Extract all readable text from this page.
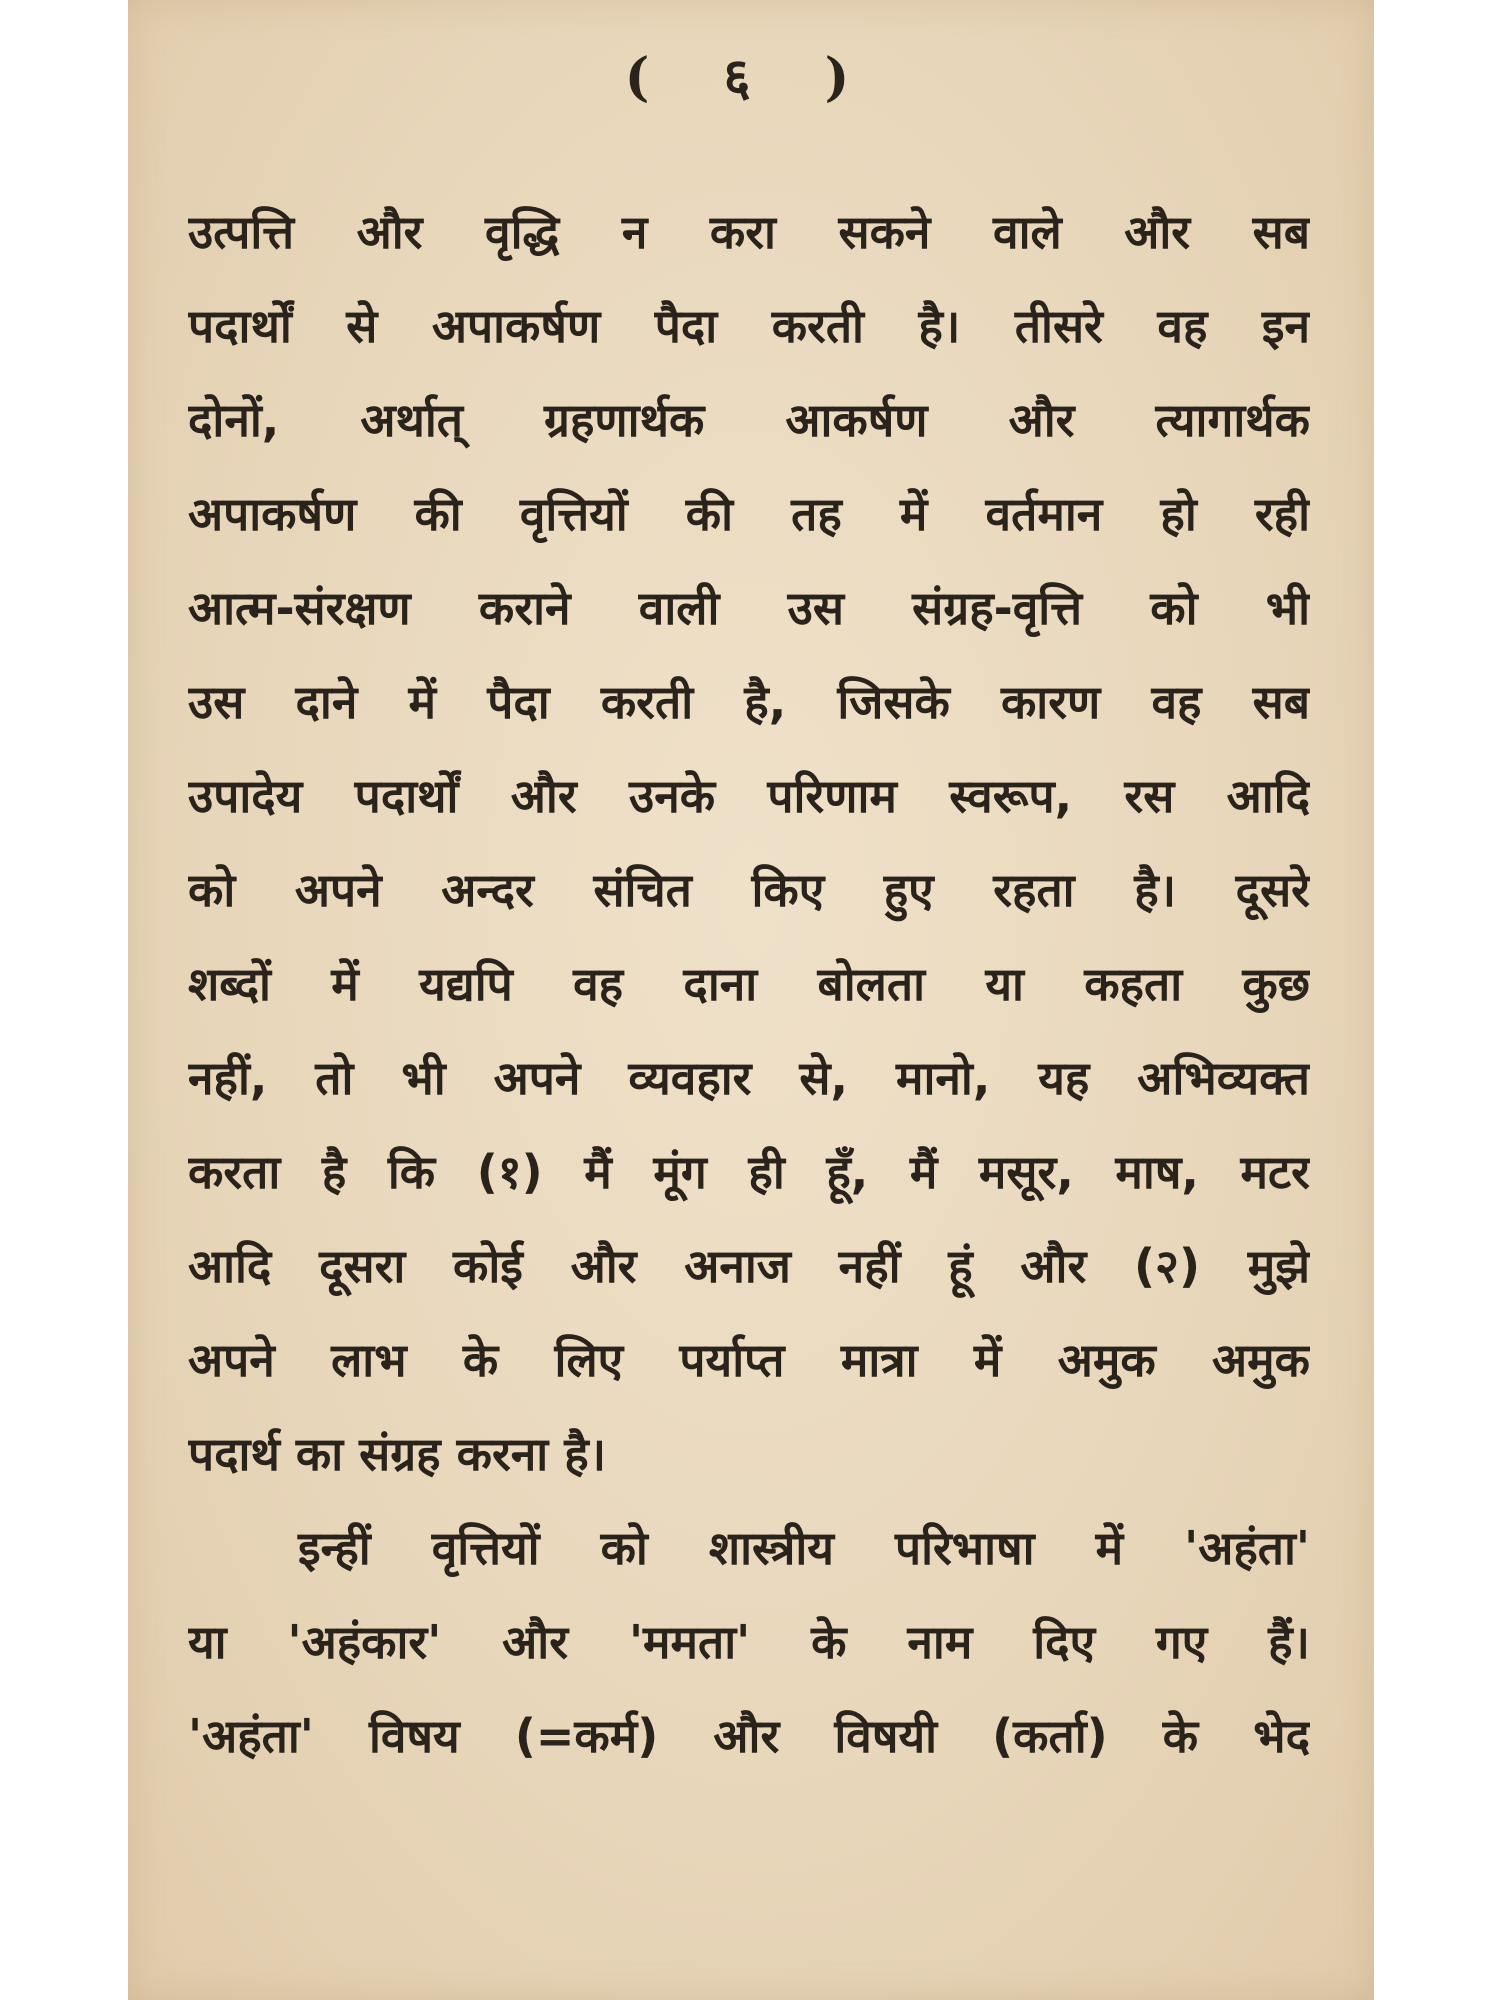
( ६ )
उत्पत्ति और वृद्धि न करा सकने वाले और सब
पदार्थों से अपाकर्षण पैदा करती है। तीसरे वह इन
दोनों, अर्थात् ग्रहणार्थक आकर्षण और त्यागार्थक
अपाकर्षण की वृत्तियों की तह में वर्तमान हो रही
आत्म-संरक्षण कराने वाली उस संग्रह-वृत्ति को भी
उस दाने में पैदा करती है, जिसके कारण वह सब
उपादेय पदार्थों और उनके परिणाम स्वरूप, रस आदि
को अपने अन्दर संचित किए हुए रहता है। दूसरे
शब्दों में यद्यपि वह दाना बोलता या कहता कुछ
नहीं, तो भी अपने व्यवहार से, मानो, यह अभिव्यक्त
करता है कि (१) मैं मूंग ही हूँ, मैं मसूर, माष, मटर
आदि दूसरा कोई और अनाज नहीं हूं और (२) मुझे
अपने लाभ के लिए पर्याप्त मात्रा में अमुक अमुक
पदार्थ का संग्रह करना है।
इन्हीं वृत्तियों को शास्त्रीय परिभाषा में 'अहंता'
या 'अहंकार' और 'ममता' के नाम दिए गए हैं।
'अहंता' विषय (=कर्म) और विषयी (कर्ता) के भेद
